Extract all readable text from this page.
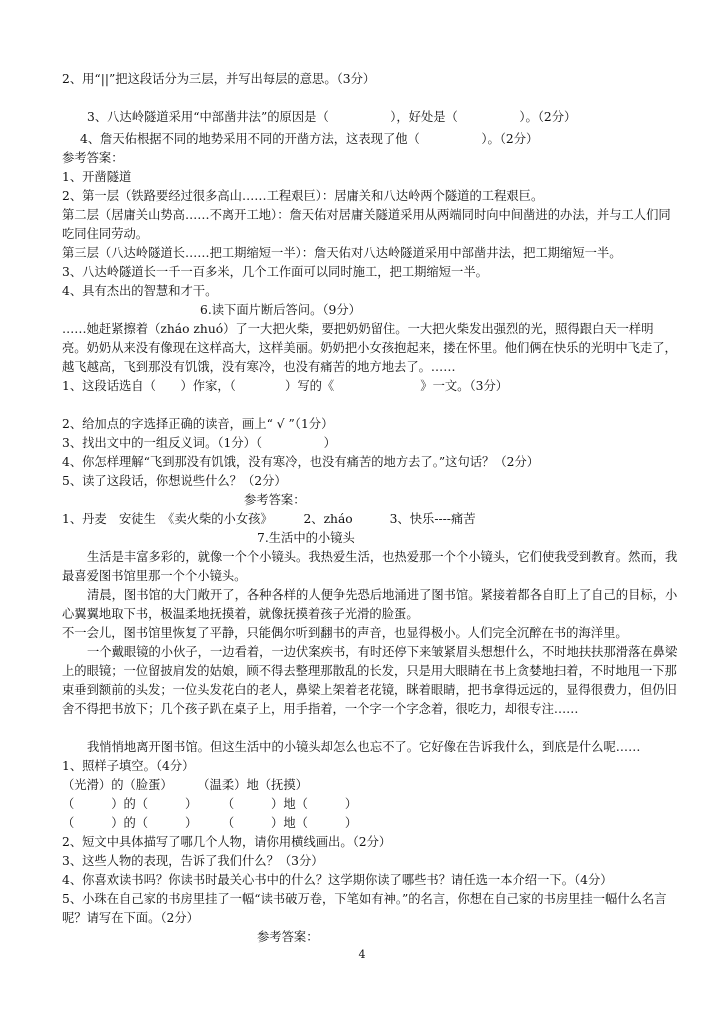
2、用“||”把这段话分为三层，并写出每层的意思。（3分）
3、八达岭隧道采用“中部凿井法”的原因是（　　　　　），好处是（　　　　　）。（2分）
4、詹天佑根据不同的地势采用不同的开凿方法，这表现了他（　　　　　）。（2分）
参考答案：
1、开凿隧道
2、第一层（铁路要经过很多高山……工程艰巨）：居庸关和八达岭两个隧道的工程艰巨。
第二层（居庸关山势高……不离开工地）：詹天佑对居庸关隧道采用从两端同时向中间凿进的办法，并与工人们同吃同住同劳动。
第三层（八达岭隧道长……把工期缩短一半）：詹天佑对八达岭隧道采用中部凿井法，把工期缩短一半。
3、八达岭隧道长一千一百多米，几个工作面可以同时施工，把工期缩短一半。
4、具有杰出的智慧和才干。
6.读下面片断后答问。（9分）
……她赶紧擦着（zháo zhuó）了一大把火柴，要把奶奶留住。一大把火柴发出强烈的光，照得跟白天一样明亮。奶奶从来没有像现在这样高大，这样美丽。奶奶把小女孩抱起来，搂在怀里。他们俩在快乐的光明中飞走了，越飞越高，飞到那没有饥饿，没有寒冷，也没有痛苦的地方地去了。……
1、这段话选自（　　）作家，（　　　　）写的《　　　　　　　》一文。（3分）
2、给加点的字选择正确的读音，画上“ √ ”（1分）
3、找出文中的一组反义词。（1分）（　　　　　）
4、你怎样理解“飞到那没有饥饿，没有寒冷，也没有痛苦的地方去了。”这句话？（2分）
5、读了这段话，你想说些什么？（2分）
参考答案：
1、丹麦　安徒生　《卖火柴的小女孩》　　　2、zháo　　　3、快乐----痛苦
7.生活中的小镜头
生活是丰富多彩的，就像一个个小镜头。我热爱生活，也热爱那一个个小镜头，它们使我受到教育。然而，我最喜爱图书馆里那一个个小镜头。
清晨，图书馆的大门敞开了，各种各样的人便争先恐后地涌进了图书馆。紧接着都各自盯上了自己的目标，小心翼翼地取下书，极温柔地抚摸着，就像抚摸着孩子光滑的脸蛋。
不一会儿，图书馆里恢复了平静，只能偶尔听到翻书的声音，也显得极小。人们完全沉醉在书的海洋里。
一个戴眼镜的小伙子，一边看着，一边伏案疾书，有时还停下来皱紧眉头想想什么，不时地扶扶那滑落在鼻梁上的眼镜；一位留披肩发的姑娘，顾不得去整理那散乱的长发，只是用大眼睛在书上贪婪地扫着，不时地甩一下那束垂到额前的头发；一位头发花白的老人，鼻梁上架着老花镜，眯着眼睛，把书拿得远远的，显得很费力，但仍旧舍不得把书放下；几个孩子趴在桌子上，用手指着，一个字一个字念着，很吃力，却很专注……
我悄悄地离开图书馆。但这生活中的小镜头却怎么也忘不了。它好像在告诉我什么，到底是什么呢……
1、照样子填空。（4分）
（光滑）的（脸蛋）　　　（温柔）地（抚摸）
（　　　）的（　　　）　　　（　　　）地（　　　）
（　　　）的（　　　）　　　（　　　）地（　　　）
2、短文中具体描写了哪几个人物，请你用横线画出。（2分）
3、这些人物的表现，告诉了我们什么？（3分）
4、你喜欢读书吗？你读书时最关心书中的什么？这学期你读了哪些书？请任选一本介绍一下。（4分）
5、小珠在自己家的书房里挂了一幅“读书破万卷，下笔如有神。”的名言，你想在自己家的书房里挂一幅什么名言呢？请写在下面。（2分）
参考答案：
4
